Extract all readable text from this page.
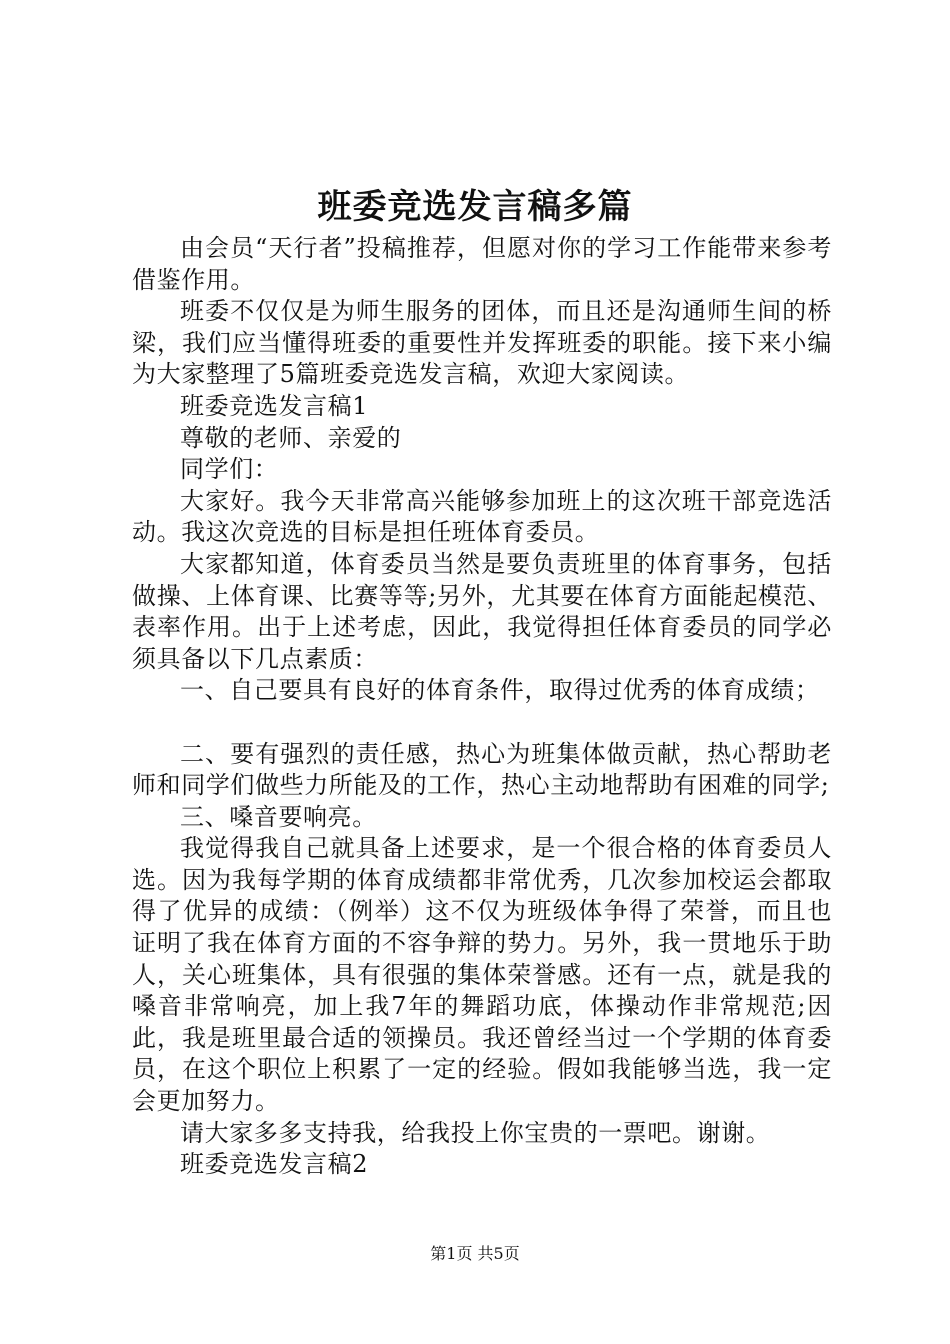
班委竞选发言稿多篇

由会员“天行者”投稿推荐，但愿对你的学习工作能带来参考借鉴作用。

班委不仅仅是为师生服务的团体，而且还是沟通师生间的桥梁，我们应当懂得班委的重要性并发挥班委的职能。接下来小编为大家整理了5篇班委竞选发言稿，欢迎大家阅读。

班委竞选发言稿1

尊敬的老师、亲爱的

同学们：

大家好。我今天非常高兴能够参加班上的这次班干部竞选活动。我这次竞选的目标是担任班体育委员。

大家都知道，体育委员当然是要负责班里的体育事务，包括做操、上体育课、比赛等等;另外，尤其要在体育方面能起模范、表率作用。出于上述考虑，因此，我觉得担任体育委员的同学必须具备以下几点素质：

一、自己要具有良好的体育条件，取得过优秀的体育成绩；

二、要有强烈的责任感，热心为班集体做贡献，热心帮助老师和同学们做些力所能及的工作，热心主动地帮助有困难的同学;

三、嗓音要响亮。

我觉得我自己就具备上述要求，是一个很合格的体育委员人选。因为我每学期的体育成绩都非常优秀，几次参加校运会都取得了优异的成绩：（例举）这不仅为班级体争得了荣誉，而且也证明了我在体育方面的不容争辩的势力。另外，我一贯地乐于助人，关心班集体，具有很强的集体荣誉感。还有一点，就是我的嗓音非常响亮，加上我7年的舞蹈功底，体操动作非常规范;因此，我是班里最合适的领操员。我还曾经当过一个学期的体育委员，在这个职位上积累了一定的经验。假如我能够当选，我一定会更加努力。

请大家多多支持我，给我投上你宝贵的一票吧。谢谢。

班委竞选发言稿2

第1页 共5页
